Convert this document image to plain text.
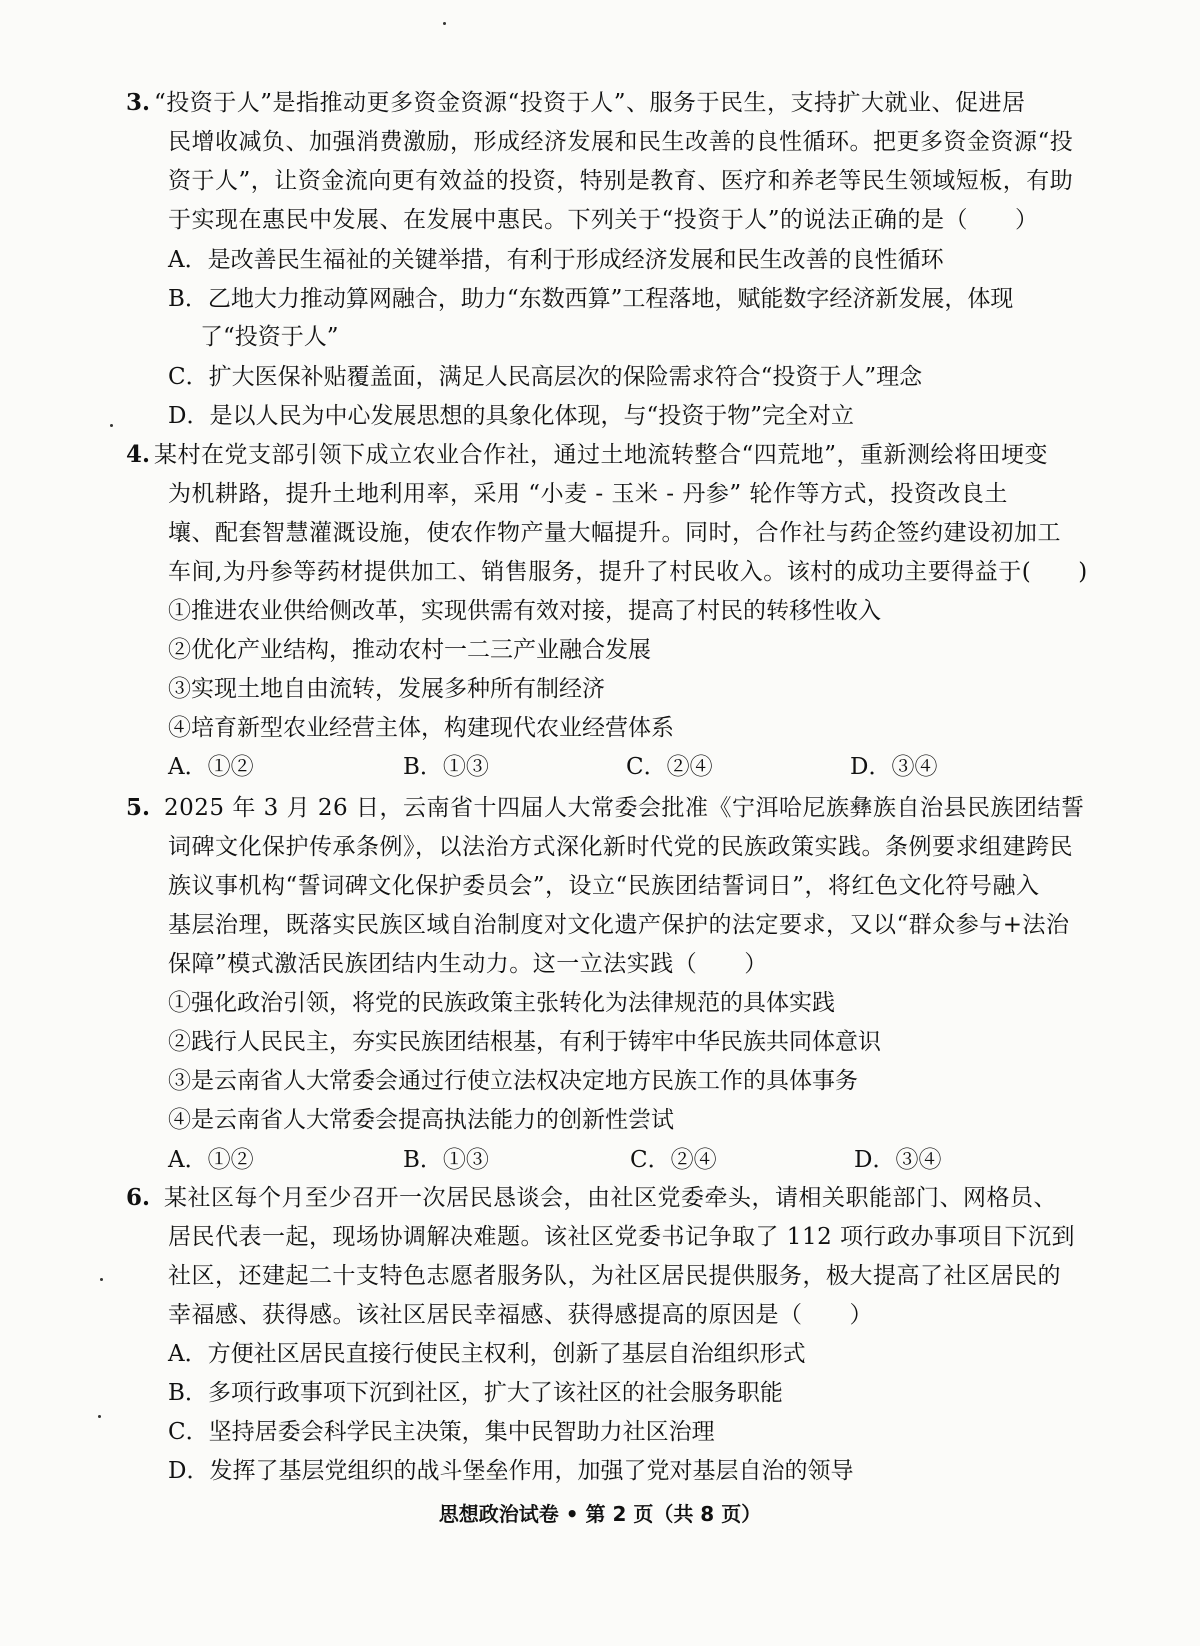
3. “投资于人”是指推动更多资金资源“投资于人”、服务于民生，支持扩大就业、促进居
民增收减负、加强消费激励，形成经济发展和民生改善的良性循环。把更多资金资源“投
资于人”，让资金流向更有效益的投资，特别是教育、医疗和养老等民生领域短板，有助
于实现在惠民中发展、在发展中惠民。下列关于“投资于人”的说法正确的是（　　）
A．是改善民生福祉的关键举措，有利于形成经济发展和民生改善的良性循环
B．乙地大力推动算网融合，助力“东数西算”工程落地，赋能数字经济新发展，体现
了“投资于人”
C．扩大医保补贴覆盖面，满足人民高层次的保险需求符合“投资于人”理念
D．是以人民为中心发展思想的具象化体现，与“投资于物”完全对立
4. 某村在党支部引领下成立农业合作社，通过土地流转整合“四荒地”，重新测绘将田埂变
为机耕路，提升土地利用率，采用 “小麦 - 玉米 - 丹参” 轮作等方式，投资改良土
壤、配套智慧灌溉设施，使农作物产量大幅提升。同时，合作社与药企签约建设初加工
车间,为丹参等药材提供加工、销售服务，提升了村民收入。该村的成功主要得益于(　　)
①推进农业供给侧改革，实现供需有效对接，提高了村民的转移性收入
②优化产业结构，推动农村一二三产业融合发展
③实现土地自由流转，发展多种所有制经济
④培育新型农业经营主体，构建现代农业经营体系
A．①②	B．①③	C．②④	D．③④
5. 2025 年 3 月 26 日，云南省十四届人大常委会批准《宁洱哈尼族彝族自治县民族团结誓
词碑文化保护传承条例》，以法治方式深化新时代党的民族政策实践。条例要求组建跨民
族议事机构“誓词碑文化保护委员会”，设立“民族团结誓词日”，将红色文化符号融入
基层治理，既落实民族区域自治制度对文化遗产保护的法定要求，又以“群众参与+法治
保障”模式激活民族团结内生动力。这一立法实践（　　）
①强化政治引领，将党的民族政策主张转化为法律规范的具体实践
②践行人民民主，夯实民族团结根基，有利于铸牢中华民族共同体意识
③是云南省人大常委会通过行使立法权决定地方民族工作的具体事务
④是云南省人大常委会提高执法能力的创新性尝试
A．①②	B．①③	C．②④	D．③④
6. 某社区每个月至少召开一次居民恳谈会，由社区党委牵头，请相关职能部门、网格员、
居民代表一起，现场协调解决难题。该社区党委书记争取了 112 项行政办事项目下沉到
社区，还建起二十支特色志愿者服务队，为社区居民提供服务，极大提高了社区居民的
幸福感、获得感。该社区居民幸福感、获得感提高的原因是（　　）
A．方便社区居民直接行使民主权利，创新了基层自治组织形式
B．多项行政事项下沉到社区，扩大了该社区的社会服务职能
C．坚持居委会科学民主决策，集中民智助力社区治理
D．发挥了基层党组织的战斗堡垒作用，加强了党对基层自治的领导
思想政治试卷 • 第 2 页（共 8 页）
